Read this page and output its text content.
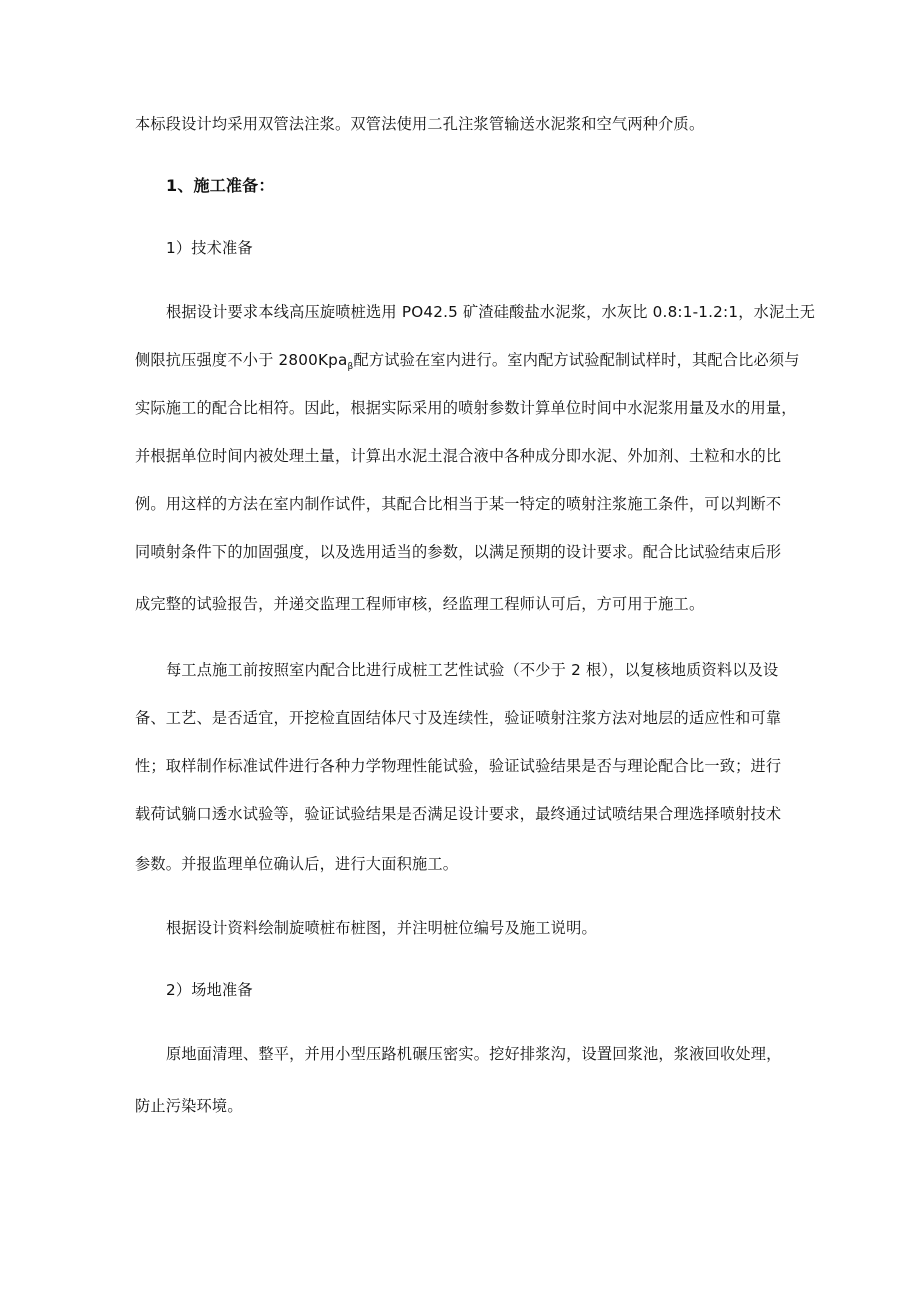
本标段设计均采用双管法注浆。双管法使用二孔注浆管输送水泥浆和空气两种介质。
1、施工准备：
1）技术准备
根据设计要求本线高压旋喷桩选用 PO42.5 矿渣硅酸盐水泥浆，水灰比 0.8:1-1.2:1，水泥土无
侧限抗压强度不小于 2800Kpa$_\beta$配方试验在室内进行。室内配方试验配制试样时，其配合比必须与
实际施工的配合比相符。因此，根据实际采用的喷射参数计算单位时间中水泥浆用量及水的用量，
并根据单位时间内被处理土量，计算出水泥土混合液中各种成分即水泥、外加剂、土粒和水的比
例。用这样的方法在室内制作试件，其配合比相当于某一特定的喷射注浆施工条件，可以判断不
同喷射条件下的加固强度，以及选用适当的参数，以满足预期的设计要求。配合比试验结束后形
成完整的试验报告，并递交监理工程师审核，经监理工程师认可后，方可用于施工。
每工点施工前按照室内配合比进行成桩工艺性试验（不少于 2 根），以复核地质资料以及设
备、工艺、是否适宜，开挖检直固结体尺寸及连续性，验证喷射注浆方法对地层的适应性和可靠
性；取样制作标准试件进行各种力学物理性能试验，验证试验结果是否与理论配合比一致；进行
载荷试躺口透水试验等，验证试验结果是否满足设计要求，最终通过试喷结果合理选择喷射技术
参数。并报监理单位确认后，进行大面积施工。
根据设计资料绘制旋喷桩布桩图，并注明桩位编号及施工说明。
2）场地准备
原地面清理、整平，并用小型压路机碾压密实。挖好排浆沟，设置回浆池，浆液回收处理，
防止污染环境。
